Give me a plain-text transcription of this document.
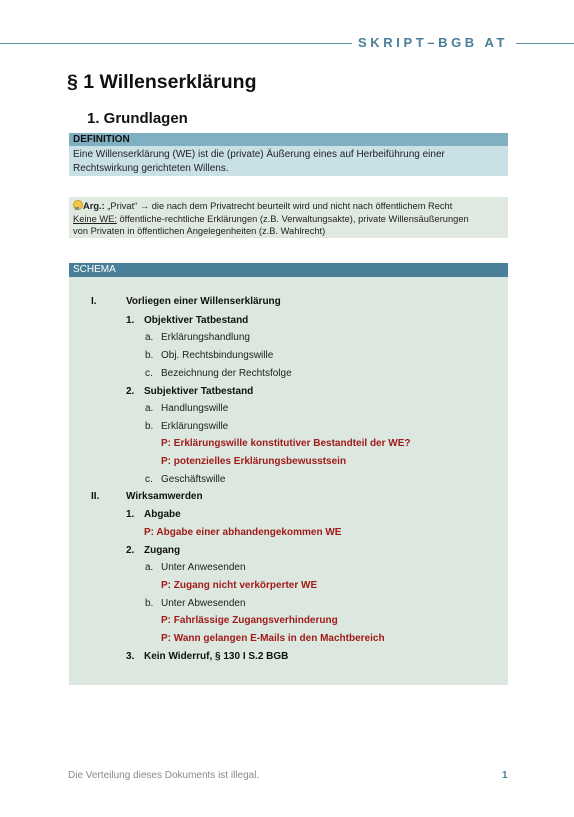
SKRIPT–BGB AT
§ 1 Willenserklärung
1. Grundlagen
DEFINITION
Eine Willenserklärung (WE) ist die (private) Äußerung eines auf Herbeiführung einer
Rechtswirkung gerichteten Willens.
Arg.: „Privat“ → die nach dem Privatrecht beurteilt wird und nicht nach öffentlichem Recht
Keine WE: öffentliche-rechtliche Erklärungen (z.B. Verwaltungsakte), private Willensäußerungen
von Privaten in öffentlichen Angelegenheiten (z.B. Wahlrecht)
SCHEMA
I.	Vorliegen einer Willenserklärung
1. Objektiver Tatbestand
a. Erklärungshandlung
b. Obj. Rechtsbindungswille
c. Bezeichnung der Rechtsfolge
2. Subjektiver Tatbestand
a. Handlungswille
b. Erklärungswille
P: Erklärungswille konstitutiver Bestandteil der WE?
P: potenzielles Erklärungsbewusstsein
c. Geschäftswille
II.	Wirksamwerden
1. Abgabe
P: Abgabe einer abhandengekommen WE
2. Zugang
a. Unter Anwesenden
P: Zugang nicht verkörperter WE
b. Unter Abwesenden
P: Fahrlässige Zugangsverhinderung
P: Wann gelangen E-Mails in den Machtbereich
3. Kein Widerruf, § 130 I S.2 BGB
Die Verteilung dieses Dokuments ist illegal.	1
